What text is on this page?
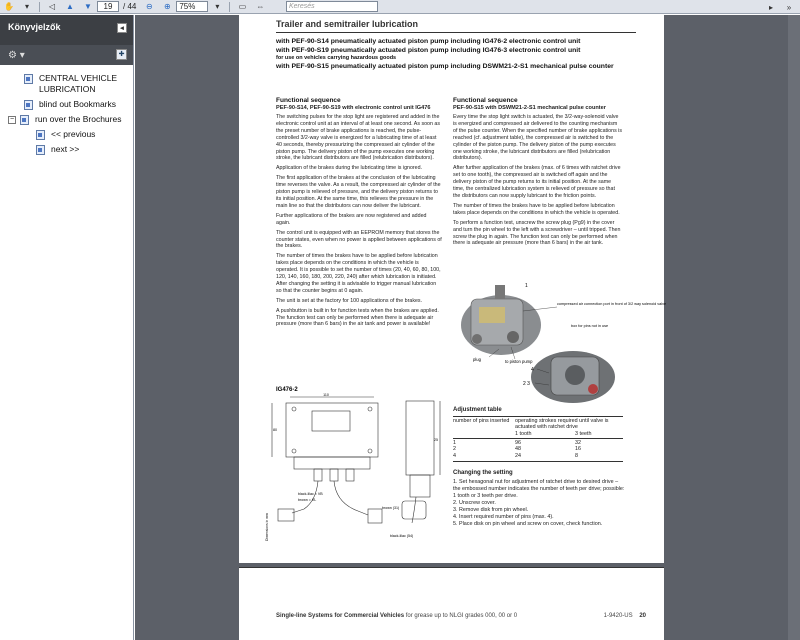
✋	▾	◁	▲	▼	19	/ 44	⊖	⊕	75%	▾	▭	⇔	Keresés	▸	»
Könyvjelzők	◂
⚙ ▾	✚
CENTRAL VEHICLE LUBRICATION
blind out Bookmarks
− run over the Brochures
<< previous
next >>
Trailer and semitrailer lubrication
with PEF-90-S14 pneumatically actuated piston pump including IG476-2 electronic control unit
with PEF-90-S19 pneumatically actuated piston pump including IG476-3 electronic control unit
for use on vehicles carrying hazardous goods
with PEF-90-S15 pneumatically actuated piston pump including DSWM21-2-S1 mechanical pulse counter
Functional sequence
PEF-90-S14, PEF-90-S19 with electronic control unit IG476
The switching pulses for the stop light are registered and added in the electronic control unit at an interval of at least one second. As soon as the preset number of brake applications is reached, the pulse-controlled 3/2-way valve is energized for a lubricating time of at least 40 seconds, thereby pressurizing the compressed air cylinder of the piston pump. The delivery piston of the pump executes one working stroke, the lubricant distributors are filled (relubrication distributors).
Application of the brakes during the lubricating time is ignored.
The first application of the brakes at the conclusion of the lubricating time reverses the valve. As a result, the compressed air cylinder of the piston pump is relieved of pressure, and the delivery piston returns to its initial position. At the same time, this relieves the pressure in the main line so that the distributors can now deliver the lubricant.
Further applications of the brakes are now registered and added again.
The control unit is equipped with an EEPROM memory that stores the counter states, even when no power is applied between applications of the brakes.
The number of times the brakes have to be applied before lubrication takes place depends on the conditions in which the vehicle is operated. It is possible to set the number of times (20, 40, 60, 80, 100, 120, 140, 160, 180, 200, 220, 240) after which lubrication is initiated. After changing the setting it is advisable to trigger manual lubrication so that the counter begins at 0 again.
The unit is set at the factory for 100 applications of the brakes.
A pushbutton is built in for function tests when the brakes are applied. The function test can only be performed when there is adequate air pressure (more than 6 bars) in the air tank and power is available!
Functional sequence
PEF-90-S15 with DSWM21-2-S1 mechanical pulse counter
Every time the stop light switch is actuated, the 3/2-way-solenoid valve is energized and compressed air delivered to the counting mechanism of the pulse counter. When the specified number of brake applications is reached (cf. adjustment table), the compressed air is switched to the cylinder of the piston pump. The delivery piston of the pump executes one working stroke, the lubricant distributors are filled (relubrication distributors).
After further application of the brakes (max. of 6 times with ratchet drive set to one tooth), the compressed air is switched off again and the delivery piston of the pump returns to its initial position. At the same time, the centralized lubrication system is relieved of pressure so that the distributors can now supply lubricant to the friction points.
The number of times the brakes have to be applied before lubrication takes place depends on the conditions in which the vehicle is operated.
To perform a function test, unscrew the screw plug (Pg9) in the cover and turn the pin wheel to the left with a screwdriver – until tripped. Then screw the plug in again. The function test can only be performed when there is adequate air pressure (more than 6 bars) in the air tank.
1
compressed air connection port in front of 3/2 way solenoid valve
box for pins not in use
plug	to piston pump
4
2 3
Adjustment table
number of pins inserted	operating strokes required until valve is actuated with ratchet drive
1 tooth	3 teeth
1	96	32
2	48	16
4	24	8
Changing the setting
1. Set hexagonal nut for adjustment of ratchet drive to desired drive – the embossed number indicates the number of teeth per drive; possible: 1 tooth or 3 teeth per drive.
2. Unscrew cover.
3. Remove disk from pin wheel.
4. Insert required number of pins (max. 4).
5. Place disk on pin wheel and screw on cover, check function.
IG476-2
110
80
25
black-lilac = VB
brown = VL
brown (31)
black-lilac (54)
Dimensions in mm
Single-line Systems for Commercial Vehicles for grease up to NLGI grades 000, 00 or 0	1-9420-US 20
